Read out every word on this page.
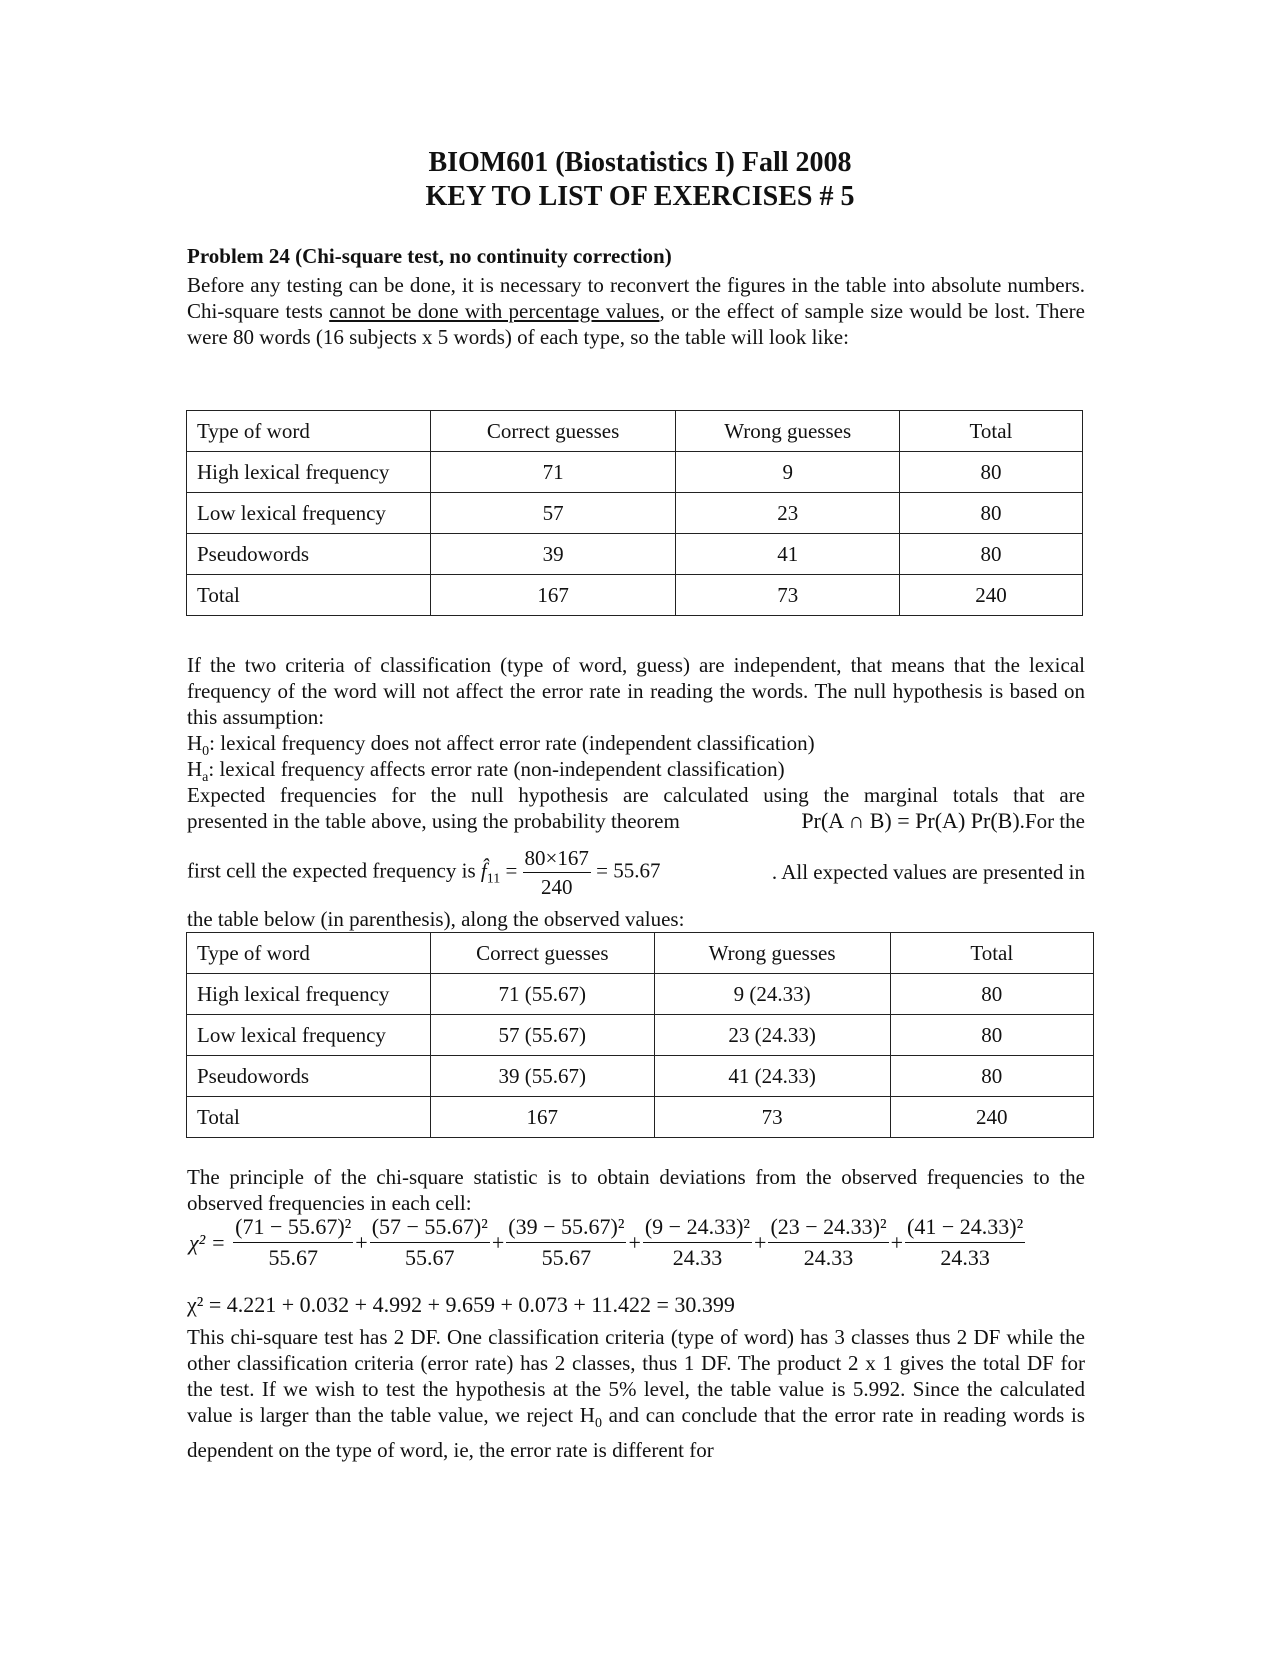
BIOM601 (Biostatistics I) Fall 2008
KEY TO LIST OF EXERCISES # 5
Problem 24 (Chi-square test, no continuity correction)
Before any testing can be done, it is necessary to reconvert the figures in the table into absolute numbers. Chi-square tests cannot be done with percentage values, or the effect of sample size would be lost. There were 80 words (16 subjects x 5 words) of each type, so the table will look like:
Type of word	Correct guesses	Wrong guesses	Total
High lexical frequency	71	9	80
Low lexical frequency	57	23	80
Pseudowords	39	41	80
Total	167	73	240
If the two criteria of classification (type of word, guess) are independent, that means that the lexical frequency of the word will not affect the error rate in reading the words. The null hypothesis is based on this assumption:
$H_0$: lexical frequency does not affect error rate (independent classification)
$H_a$: lexical frequency affects error rate (non-independent classification)
Expected frequencies for the null hypothesis are calculated using the marginal totals that are
presented in the table above, using the probability theorem	Pr(A ∩ B) = Pr(A) Pr(B).For the
first cell the expected frequency is $f̂_{11} = \frac{80\times 167}{240} = 55.67$	. All expected values are presented in
the table below (in parenthesis), along the observed values:
Type of word	Correct guesses	Wrong guesses	Total
High lexical frequency	71 (55.67)	9 (24.33)	80
Low lexical frequency	57 (55.67)	23 (24.33)	80
Pseudowords	39 (55.67)	41 (24.33)	80
Total	167	73	240
The principle of the chi-square statistic is to obtain deviations from the observed frequencies to the observed frequencies in each cell:
$\chi^2 = \frac{\text{(71 − 55.67)²}}{55.67} + \frac{\text{(57 − 55.67)²}}{55.67} + \frac{\text{(39 − 55.67)²}}{55.67} + \frac{\text{(9 − 24.33)²}}{24.33} + \frac{\text{(23 − 24.33)²}}{24.33} + \frac{\text{(41 − 24.33)²}}{24.33}$
χ² = 4.221 + 0.032 + 4.992 + 9.659 + 0.073 + 11.422 = 30.399
This chi-square test has 2 DF. One classification criteria (type of word) has 3 classes thus 2 DF while the other classification criteria (error rate) has 2 classes, thus 1 DF. The product 2 x 1 gives the total DF for the test. If we wish to test the hypothesis at the 5% level, the table value is 5.992. Since the calculated value is larger than the table value, we reject $H_0$ and can conclude that the error rate in reading words is dependent on the type of word, ie, the error rate is different for
